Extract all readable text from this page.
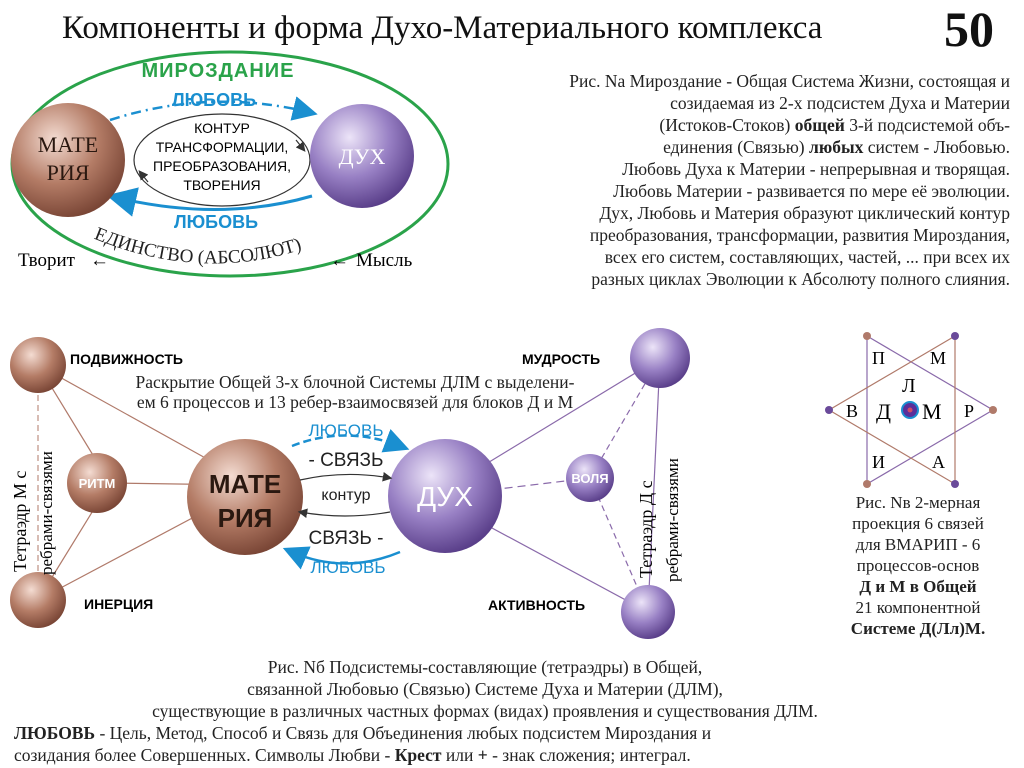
Компоненты и форма Духо-Материального комплекса 50
МИРОЗДАНИЕ
КОНТУР
ТРАНСФОРМАЦИИ,
ПРЕОБРАЗОВАНИЯ,
ТВОРЕНИЯ
ЛЮБОВЬ
ЛЮБОВЬ
МАТЕ
РИЯ
ДУХ
ЕДИНСТВО (АБСОЛЮТ)
Творит ←	← Мысль
РИТМ	ВОЛЯ
МАТЕ
РИЯ
ДУХ
ЛЮБОВЬ
- СВЯЗЬ
контур
СВЯЗЬ -
ЛЮБОВЬ
ПОДВИЖНОСТЬ	МУДРОСТЬ
ИНЕРЦИЯ	АКТИВНОСТЬ
Тетраэдр М с ребрами-связями	Тетраэдр Д с ребрами-связями
П	М
Л
В Д М Р
И	А
Рис. Na Мироздание - Общая Система Жизни, состоящая и
созидаемая из 2-х подсистем Духа и Материи
(Истоков-Стоков) общей 3-й подсистемой объ-
единения (Связью) любых систем - Любовью.
Любовь Духа к Материи - непрерывная и творящая.
Любовь Материи - развивается по мере её эволюции.
Дух, Любовь и Материя образуют циклический контур
преобразования, трансформации, развития Мироздания,
всех его систем, составляющих, частей, ... при всех их
разных циклах Эволюции к Абсолюту полного слияния.
Раскрытие Общей 3-х блочной Системы ДЛМ с выделени-
ем 6 процессов и 13 ребер-взаимосвязей для блоков Д и М
Рис. Nв 2-мерная
проекция 6 связей
для ВМАРИП - 6
процессов-основ
Д и М в Общей
21 компонентной
Системе Д(Лл)М.
Рис. Nб Подсистемы-составляющие (тетраэдры) в Общей,
связанной Любовью (Связью) Системе Духа и Материи (ДЛМ),
существующие в различных частных формах (видах) проявления и существования ДЛМ.
ЛЮБОВЬ - Цель, Метод, Способ и Связь для Объединения любых подсистем Мироздания и
созидания более Совершенных. Символы Любви - Крест или + - знак сложения; интеграл.
